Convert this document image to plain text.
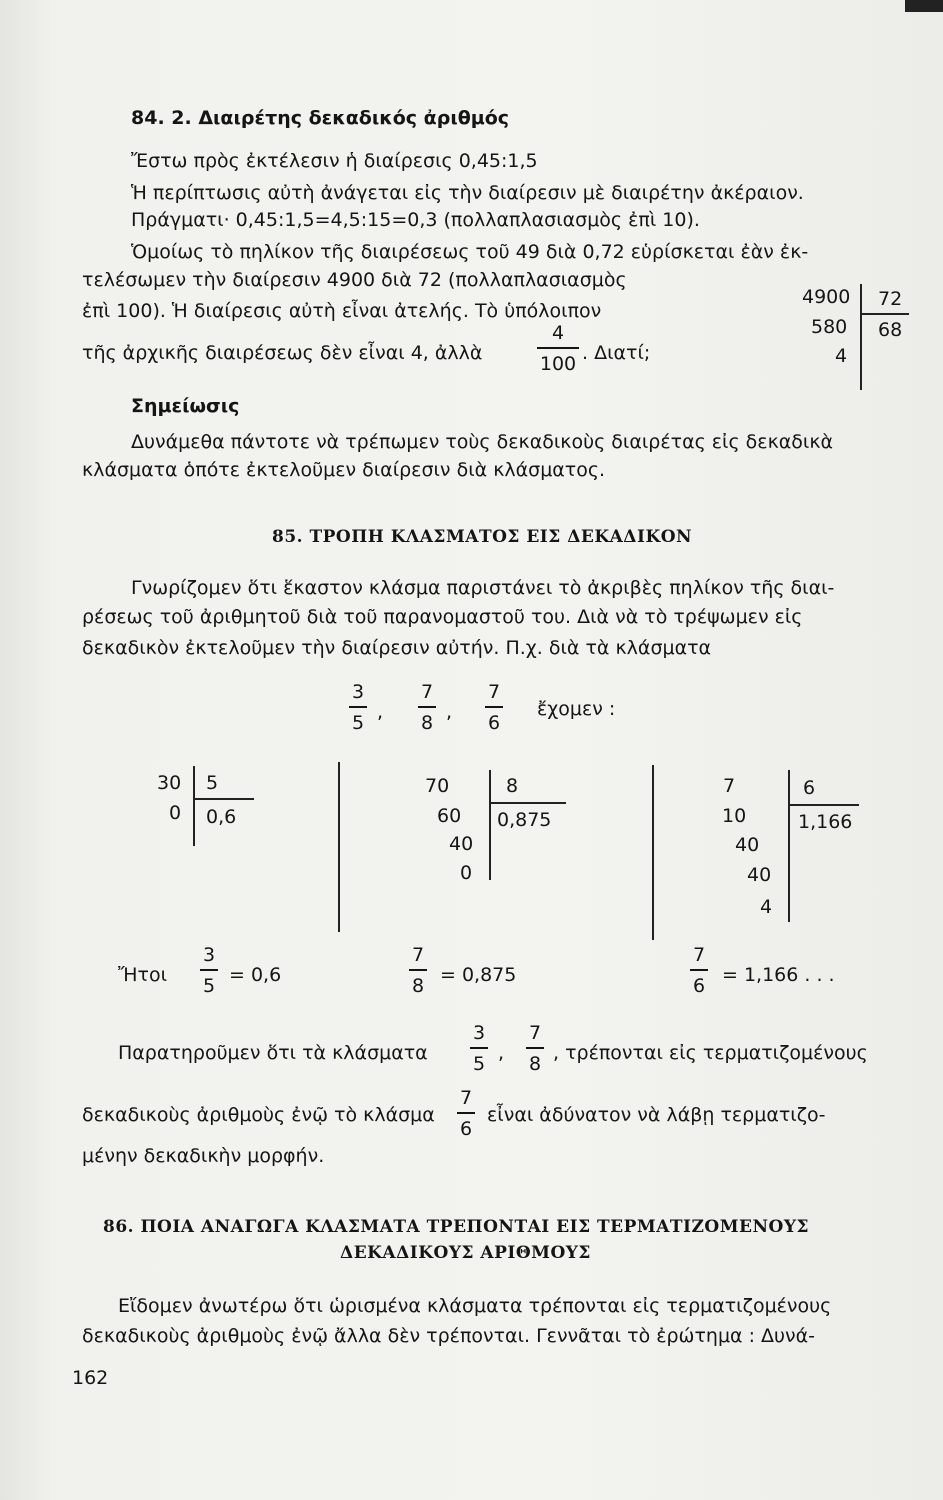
84. 2. Διαιρέτης δεκαδικός ἀριθμός
Ἔστω πρὸς ἐκτέλεσιν ἡ διαίρεσις 0,45:1,5
Ἡ περίπτωσις αὐτὴ ἀνάγεται εἰς τὴν διαίρεσιν μὲ διαιρέτην ἀκέραιον.
Πράγματι· 0,45:1,5=4,5:15=0,3 (πολλαπλασιασμὸς ἐπὶ 10).
Ὁμοίως τὸ πηλίκον τῆς διαιρέσεως τοῦ 49 διὰ 0,72 εὑρίσκεται ἐὰν ἐκ-
τελέσωμεν τὴν διαίρεσιν 4900 διὰ 72 (πολλαπλασιασμὸς
ἐπὶ 100). Ἡ διαίρεσις αὐτὴ εἶναι ἀτελής. Τὸ ὑπόλοιπον
τῆς ἀρχικῆς διαιρέσεως δὲν εἶναι 4, ἀλλὰ
4
100 . Διατί;
4900
580
4
72
68
Σημείωσις
Δυνάμεθα πάντοτε νὰ τρέπωμεν τοὺς δεκαδικοὺς διαιρέτας εἰς δεκαδικὰ
κλάσματα ὁπότε ἐκτελοῦμεν διαίρεσιν διὰ κλάσματος.
85. ΤΡΟΠΗ ΚΛΑΣΜΑΤΟΣ ΕΙΣ ΔΕΚΑΔΙΚΟΝ
Γνωρίζομεν ὅτι ἕκαστον κλάσμα παριστάνει τὸ ἀκριβὲς πηλίκον τῆς διαι-
ρέσεως τοῦ ἀριθμητοῦ διὰ τοῦ παρανομαστοῦ του. Διὰ νὰ τὸ τρέψωμεν εἰς
δεκαδικὸν ἐκτελοῦμεν τὴν διαίρεσιν αὐτήν. Π.χ. διὰ τὰ κλάσματα
3
5 ,
7
8 ,
7
6
ἔχομεν :
30
0
5
0,6
70
60
40
0
8
0,875
7
10
40
40
4
6
1,166
Ἤτοι
3
5 = 0,6
7
8 = 0,875
7
6 = 1,166 . . .
Παρατηροῦμεν ὅτι τὰ κλάσματα
3
5 ,
7
8 , τρέπονται εἰς τερματιζομένους
δεκαδικοὺς ἀριθμοὺς ἐνῷ τὸ κλάσμα
7
6
εἶναι ἀδύνατον νὰ λάβῃ τερματιζο-
μένην δεκαδικὴν μορφήν.
86. ΠΟΙΑ ΑΝΑΓΩΓΑ ΚΛΑΣΜΑΤΑ ΤΡΕΠΟΝΤΑΙ ΕΙΣ ΤΕΡΜΑΤΙΖΟΜΕΝΟΥΣ
ΔΕΚΑΔΙΚΟΥΣ ΑΡΙΘΜΟΥΣ
Εἴδομεν ἀνωτέρω ὅτι ὡρισμένα κλάσματα τρέπονται εἰς τερματιζομένους
δεκαδικοὺς ἀριθμοὺς ἐνῷ ἄλλα δὲν τρέπονται. Γεννᾶται τὸ ἐρώτημα : Δυνά-
162
